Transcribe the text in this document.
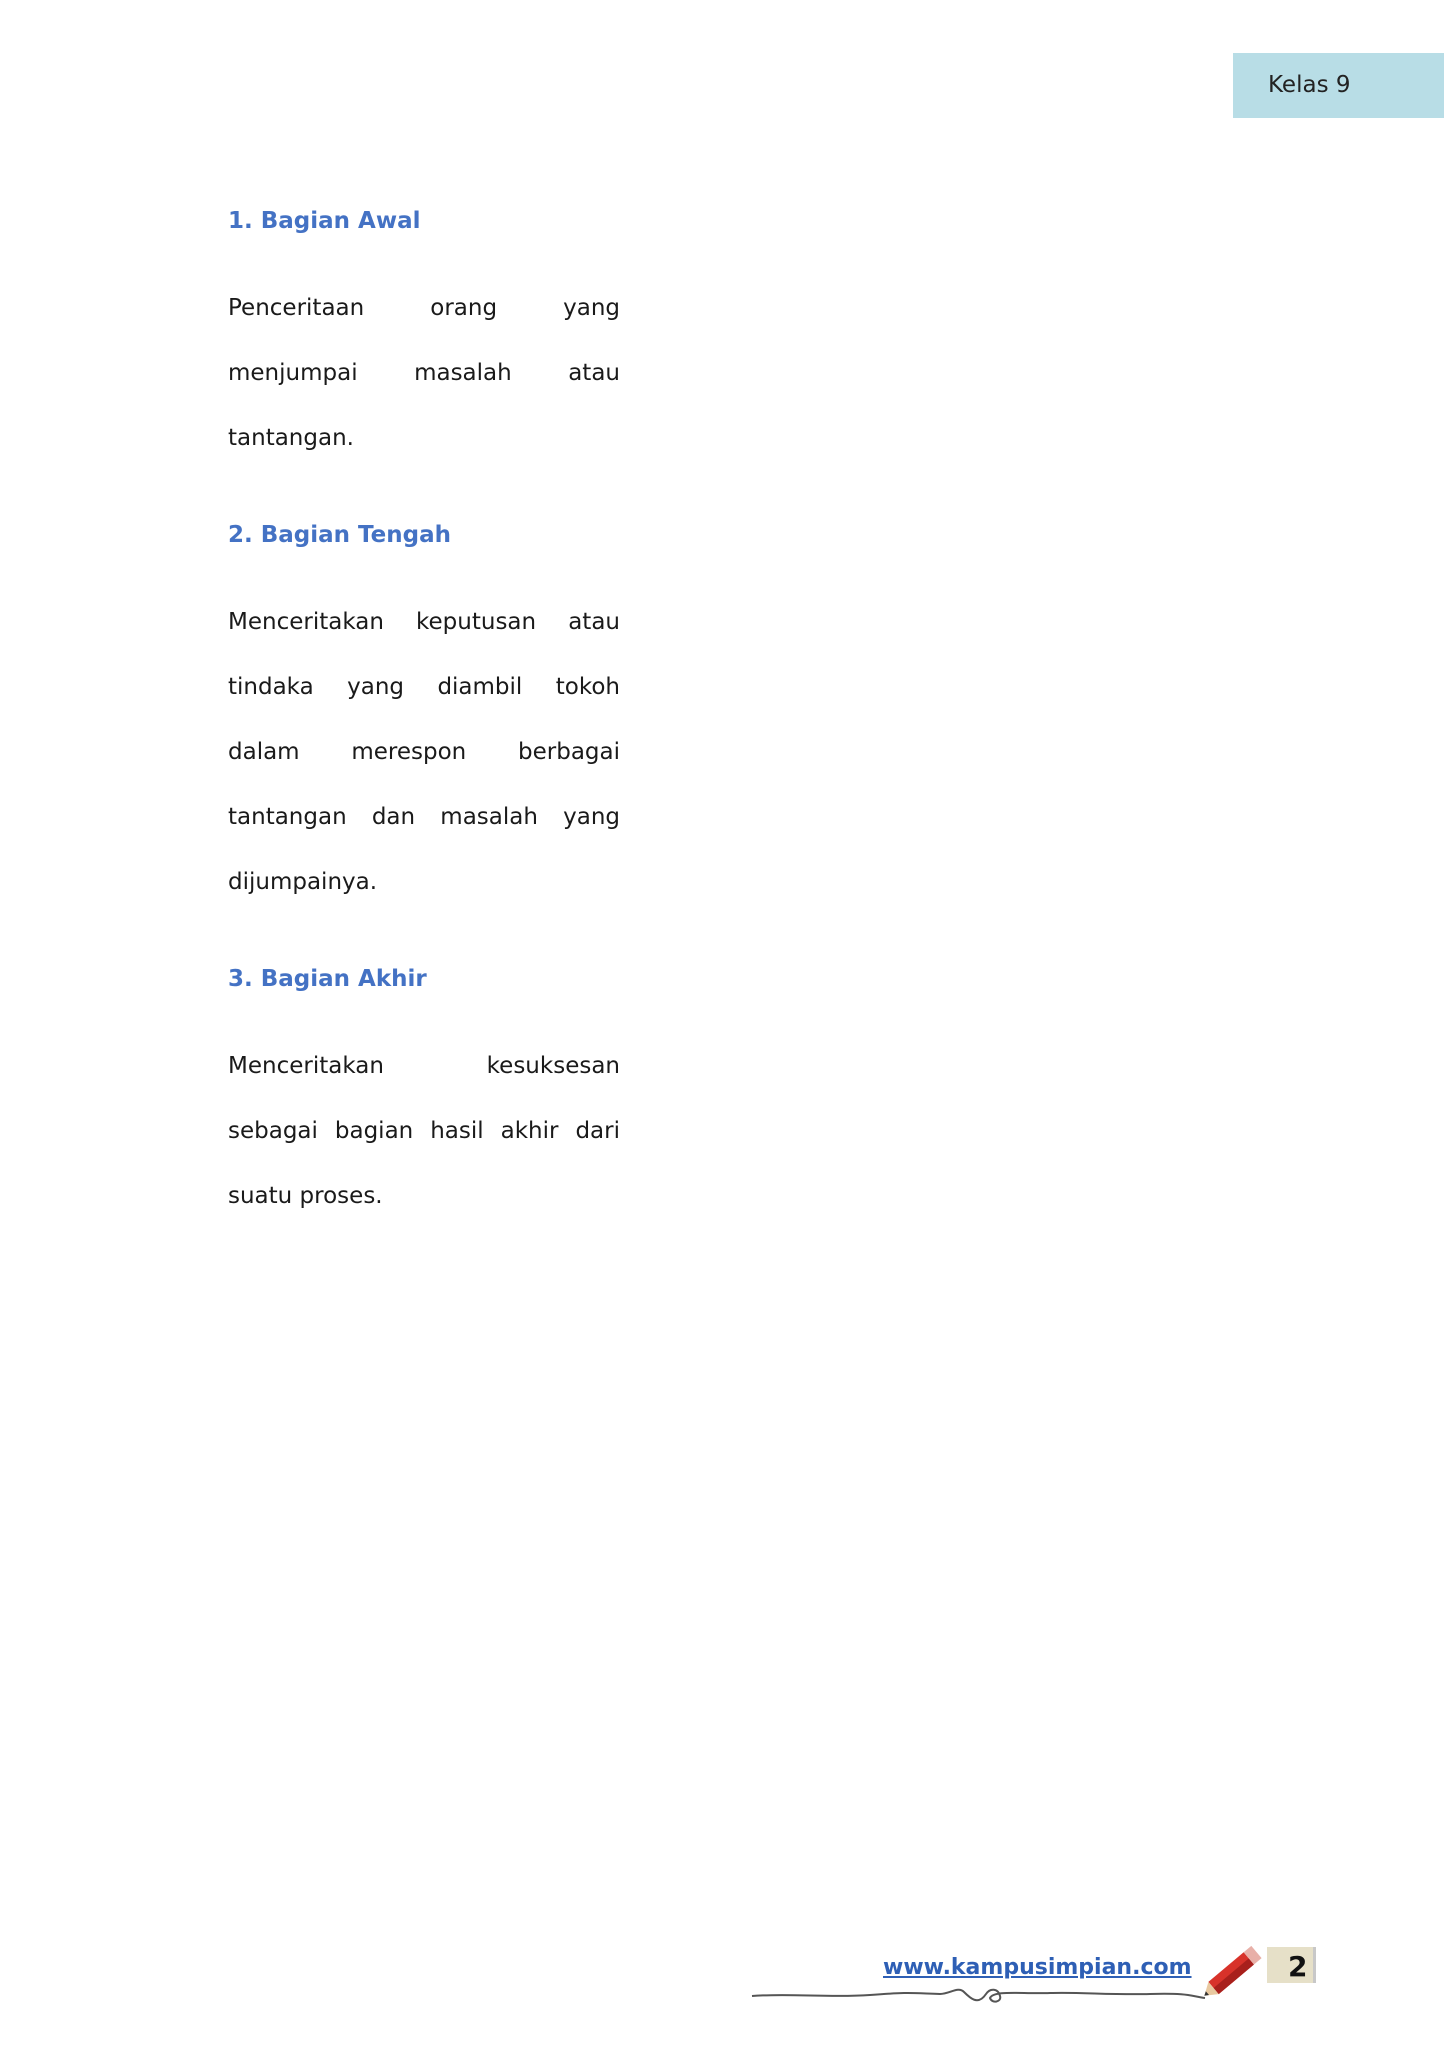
Kelas 9
1. Bagian Awal
Penceritaan orang yang menjumpai masalah atau tantangan.
2. Bagian Tengah
Menceritakan keputusan atau tindaka yang diambil tokoh dalam merespon berbagai tantangan dan masalah yang dijumpainya.
3. Bagian Akhir
Menceritakan kesuksesan sebagai bagian hasil akhir dari suatu proses.
www.kampusimpian.com	2
